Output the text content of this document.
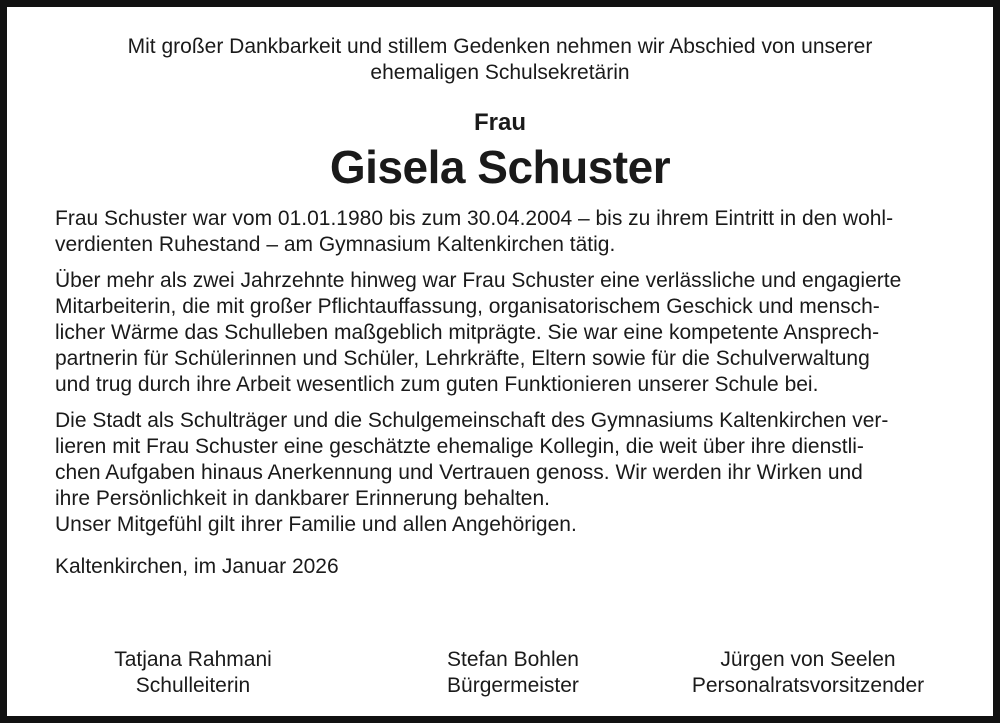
Mit großer Dankbarkeit und stillem Gedenken nehmen wir Abschied von unserer
ehemaligen Schulsekretärin

Frau

Gisela Schuster

Frau Schuster war vom 01.01.1980 bis zum 30.04.2004 – bis zu ihrem Eintritt in den wohl-
verdienten Ruhestand – am Gymnasium Kaltenkirchen tätig.

Über mehr als zwei Jahrzehnte hinweg war Frau Schuster eine verlässliche und engagierte
Mitarbeiterin, die mit großer Pflichtauffassung, organisatorischem Geschick und mensch-
licher Wärme das Schulleben maßgeblich mitprägte. Sie war eine kompetente Ansprech-
partnerin für Schülerinnen und Schüler, Lehrkräfte, Eltern sowie für die Schulverwaltung
und trug durch ihre Arbeit wesentlich zum guten Funktionieren unserer Schule bei.

Die Stadt als Schulträger und die Schulgemeinschaft des Gymnasiums Kaltenkirchen ver-
lieren mit Frau Schuster eine geschätzte ehemalige Kollegin, die weit über ihre dienstli-
chen Aufgaben hinaus Anerkennung und Vertrauen genoss. Wir werden ihr Wirken und
ihre Persönlichkeit in dankbarer Erinnerung behalten.
Unser Mitgefühl gilt ihrer Familie und allen Angehörigen.

Kaltenkirchen, im Januar 2026

Tatjana Rahmani
Schulleiterin
Stefan Bohlen
Bürgermeister
Jürgen von Seelen
Personalratsvorsitzender
